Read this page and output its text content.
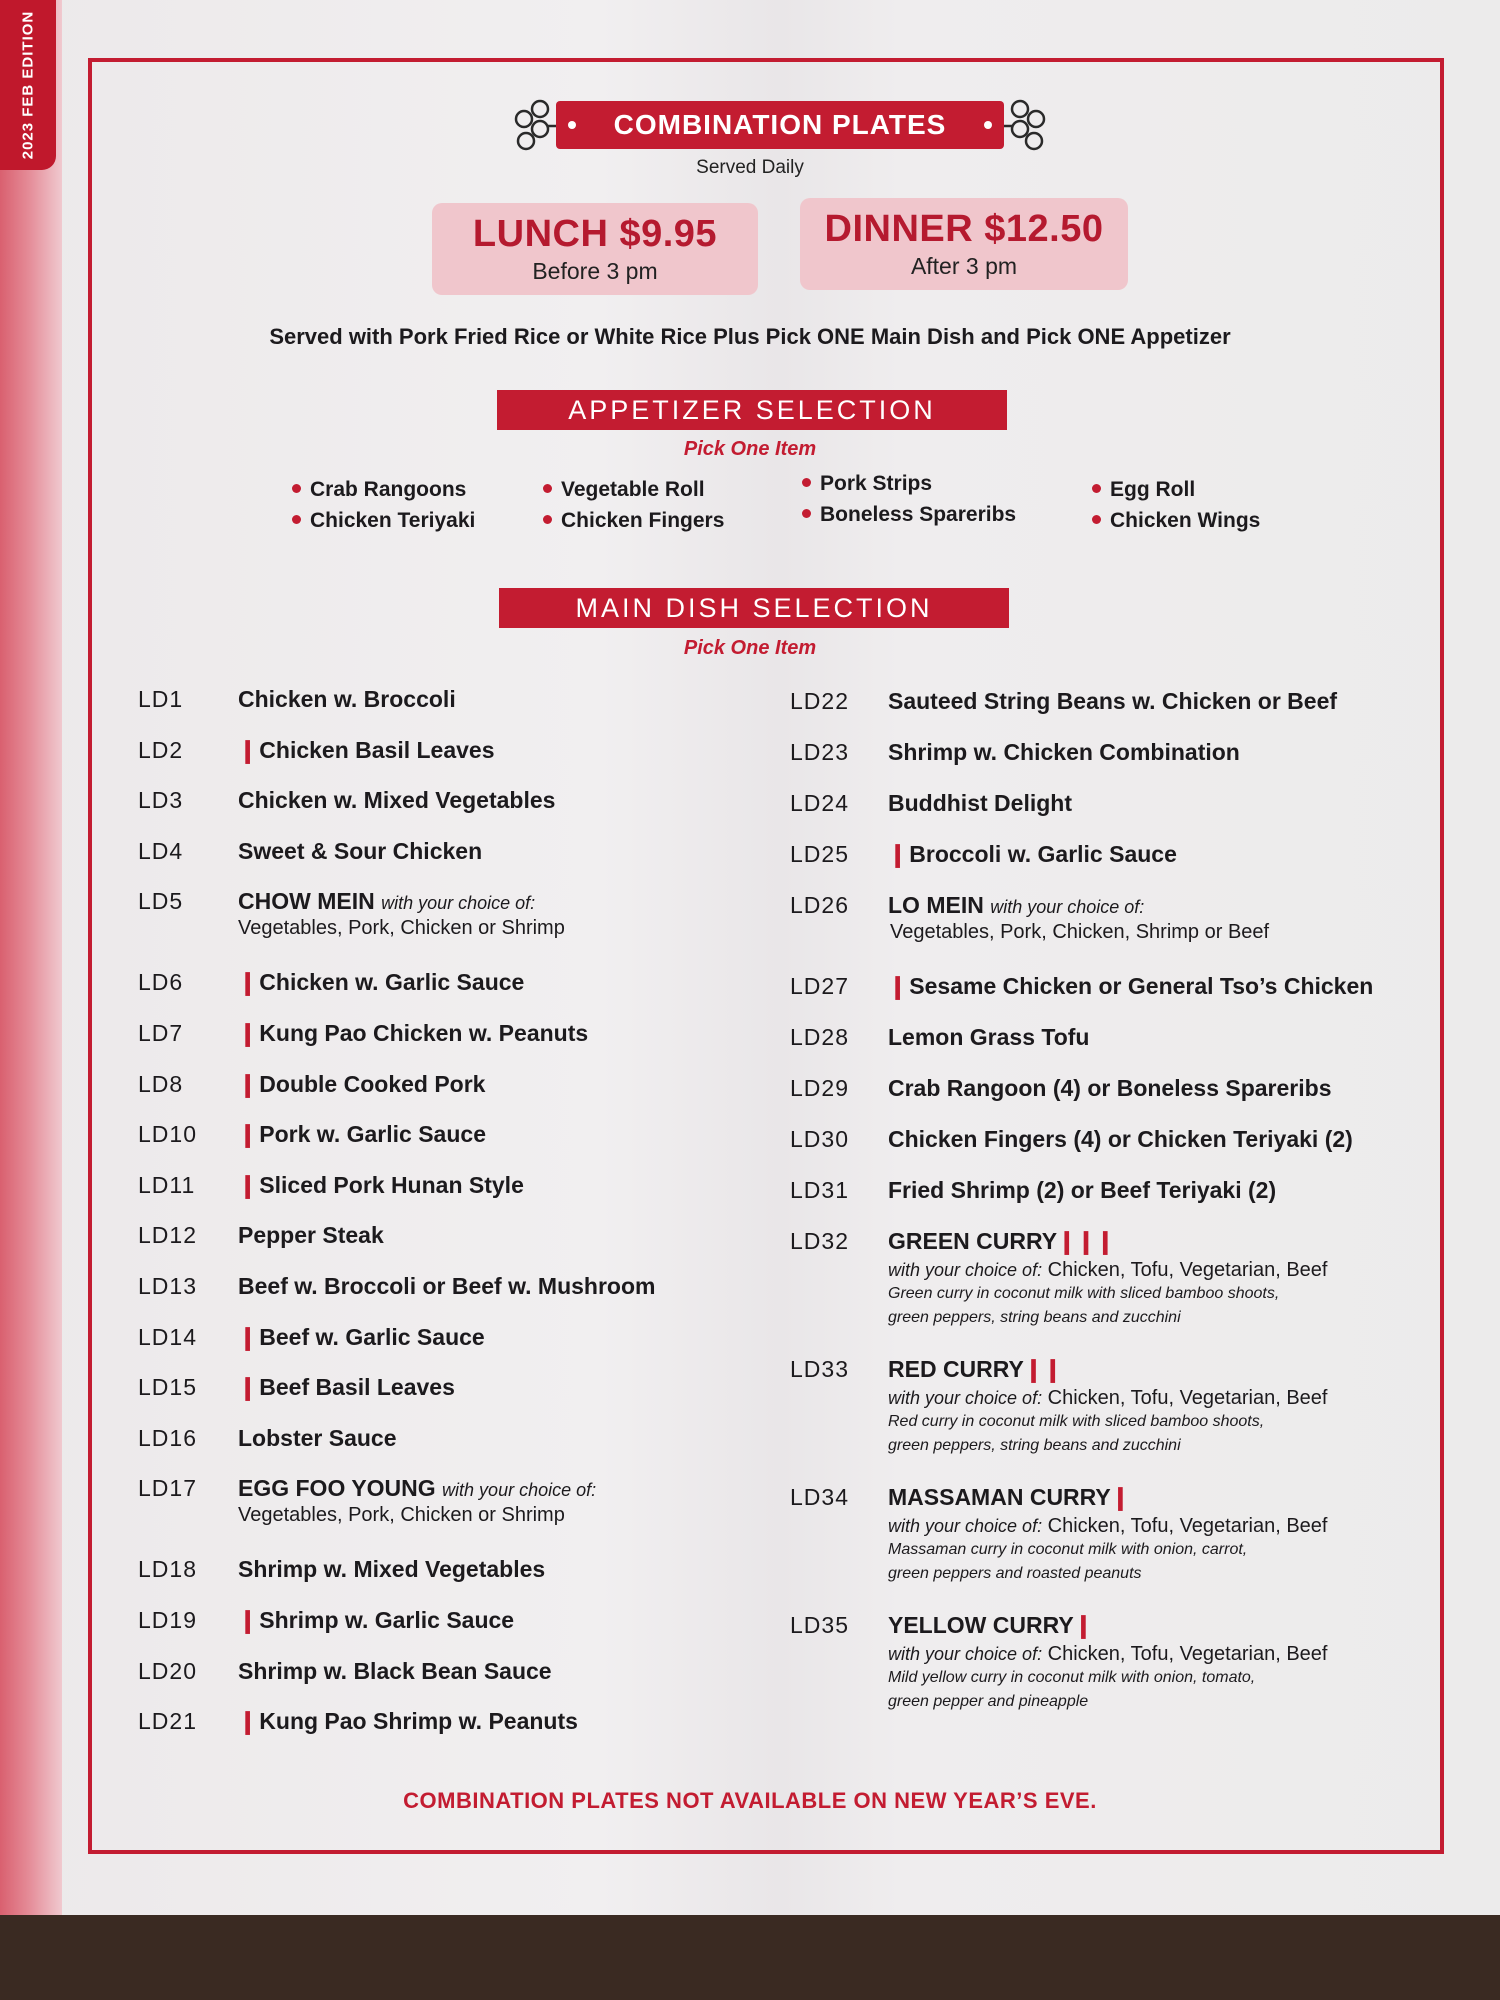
2023 FEB EDITION	COMBINATION PLATES
Served Daily
LUNCH $9.95
Before 3 pm
DINNER $12.50
After 3 pm
Served with Pork Fried Rice or White Rice Plus Pick ONE Main Dish and Pick ONE Appetizer
APPETIZER SELECTION
Pick One Item
Crab Rangoons
Chicken Teriyaki
Vegetable Roll
Chicken Fingers
Pork Strips
Boneless Spareribs
Egg Roll
Chicken Wings
MAIN DISH SELECTION
Pick One Item
LD1 Chicken w. Broccoli
LD2 ❙Chicken Basil Leaves
LD3 Chicken w. Mixed Vegetables
LD4 Sweet & Sour Chicken
LD5 CHOW MEIN with your choice of:
Vegetables, Pork, Chicken or Shrimp
LD6 ❙Chicken w. Garlic Sauce
LD7 ❙Kung Pao Chicken w. Peanuts
LD8 ❙Double Cooked Pork
LD10 ❙Pork w. Garlic Sauce
LD11 ❙Sliced Pork Hunan Style
LD12 Pepper Steak
LD13 Beef w. Broccoli or Beef w. Mushroom
LD14 ❙Beef w. Garlic Sauce
LD15 ❙Beef Basil Leaves
LD16 Lobster Sauce
LD17 EGG FOO YOUNG with your choice of:
Vegetables, Pork, Chicken or Shrimp
LD18 Shrimp w. Mixed Vegetables
LD19 ❙Shrimp w. Garlic Sauce
LD20 Shrimp w. Black Bean Sauce
LD21 ❙Kung Pao Shrimp w. Peanuts
LD22 Sauteed String Beans w. Chicken or Beef
LD23 Shrimp w. Chicken Combination
LD24 Buddhist Delight
LD25 ❙Broccoli w. Garlic Sauce
LD26 LO MEIN with your choice of:
Vegetables, Pork, Chicken, Shrimp or Beef
LD27 ❙Sesame Chicken or General Tso’s Chicken
LD28 Lemon Grass Tofu
LD29 Crab Rangoon (4) or Boneless Spareribs
LD30 Chicken Fingers (4) or Chicken Teriyaki (2)
LD31 Fried Shrimp (2) or Beef Teriyaki (2)
LD32 GREEN CURRY❙❙❙
with your choice of: Chicken, Tofu, Vegetarian, Beef
Green curry in coconut milk with sliced bamboo shoots,
green peppers, string beans and zucchini
LD33 RED CURRY❙❙
with your choice of: Chicken, Tofu, Vegetarian, Beef
Red curry in coconut milk with sliced bamboo shoots,
green peppers, string beans and zucchini
LD34 MASSAMAN CURRY❙
with your choice of: Chicken, Tofu, Vegetarian, Beef
Massaman curry in coconut milk with onion, carrot,
green peppers and roasted peanuts
LD35 YELLOW CURRY❙
with your choice of: Chicken, Tofu, Vegetarian, Beef
Mild yellow curry in coconut milk with onion, tomato,
green pepper and pineapple
COMBINATION PLATES NOT AVAILABLE ON NEW YEAR’S EVE.
